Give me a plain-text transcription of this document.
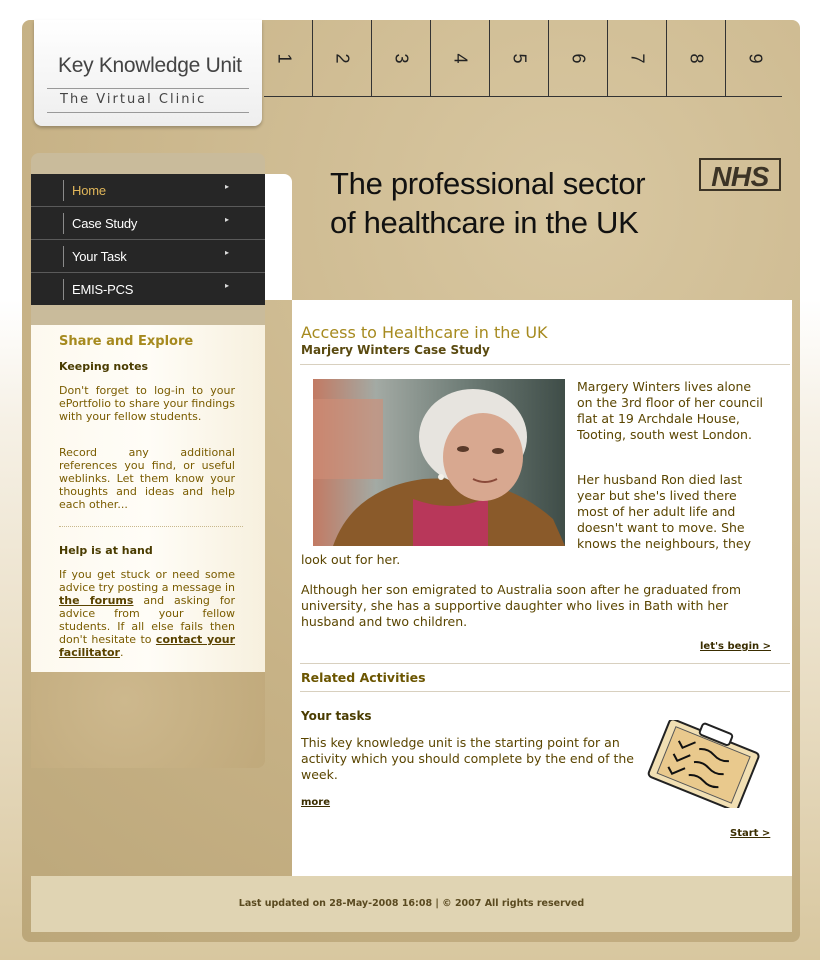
Key Knowledge Unit
The Virtual Clinic
1 2 3 4 5 6 7 8 9
Home	▸
Case Study	▸
Your Task	▸
EMIS-PCS	▸
The professional sector
of healthcare in the UK
NHS
Share and Explore
Keeping notes

Don't forget to log-in to your ePortfolio to share your findings with your fellow students.

Record any additional references you find, or useful weblinks. Let them know your thoughts and ideas and help each other...

Help is at hand

If you get stuck or need some advice try posting a message in the forums and asking for advice from your fellow students. If all else fails then don't hesitate to contact your facilitator.

Access to Healthcare in the UK
Marjery Winters Case Study

Margery Winters lives alone on the 3rd floor of her council flat at 19 Archdale House, Tooting, south west London.

Her husband Ron died last year but she's lived there most of her adult life and doesn't want to move. She knows the neighbours, they

look out for her.

Although her son emigrated to Australia soon after he graduated from university, she has a supportive daughter who lives in Bath with her husband and two children.

let's begin >
Related Activities
Your tasks

This key knowledge unit is the starting point for an activity which you should complete by the end of the week.

more
Start >
Last updated on 28-May-2008 16:08 | © 2007 All rights reserved
